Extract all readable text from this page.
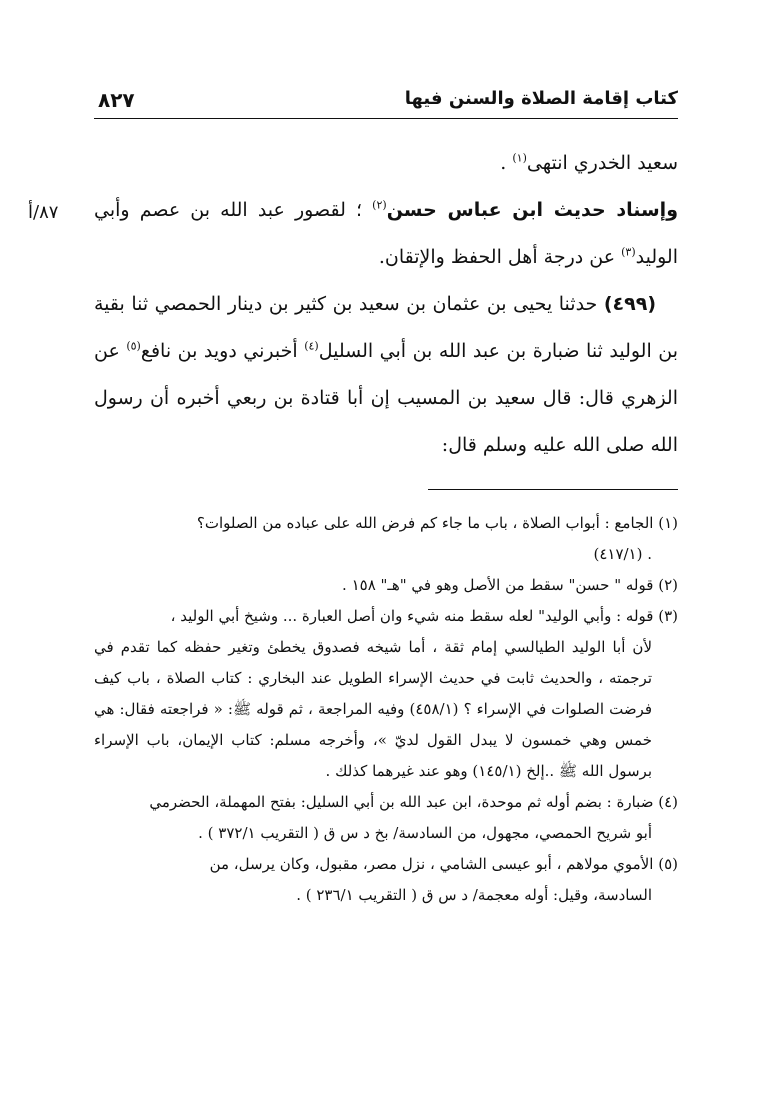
كتاب إقامة الصلاة والسنن فيها
٨٢٧
٨٧/أ

سعيد الخدري انتهى$^{(١)}$ .

وإسناد حديث ابن عباس حسن$^{(٢)}$ ؛ لقصور عبد الله بن عصم وأبي الوليد$^{(٣)}$ عن درجة أهل الحفظ والإتقان.

(٤٩٩) حدثنا يحيى بن عثمان بن سعيد بن كثير بن دينار الحمصي ثنا بقية بن الوليد ثنا ضبارة بن عبد الله بن أبي السليل$^{(٤)}$ أخبرني دويد بن نافع$^{(٥)}$ عن الزهري قال: قال سعيد بن المسيب إن أبا قتادة بن ربعي أخبره أن رسول الله صلى الله عليه وسلم قال:

(١) الجامع : أبواب الصلاة ، باب ما جاء كم فرض الله على عباده من الصلوات؟
. (٤١٧/١)

(٢) قوله " حسن" سقط من الأصل وهو في "هـ" ١٥٨ .

(٣) قوله : وأبي الوليد" لعله سقط منه شيء وان أصل العبارة ... وشيخ أبي الوليد ،
لأن أبا الوليد الطيالسي إمام ثقة ، أما شيخه فصدوق يخطئ وتغير حفظه كما تقدم في ترجمته ، والحديث ثابت في حديث الإسراء الطويل عند البخاري : كتاب الصلاة ، باب كيف فرضت الصلوات في الإسراء ؟ (٤٥٨/١) وفيه المراجعة ، ثم قوله ﷺ: « فراجعته فقال: هي خمس وهي خمسون لا يبدل القول لديّ »، وأخرجه مسلم: كتاب الإيمان، باب الإسراء برسول الله ﷺ ..إلخ (١٤٥/١) وهو عند غيرهما كذلك .

(٤) ضبارة : بضم أوله ثم موحدة، ابن عبد الله بن أبي السليل: بفتح المهملة، الحضرمي
أبو شريح الحمصي، مجهول، من السادسة/ بخ د س ق ( التقريب ٣٧٢/١ ) .

(٥) الأموي مولاهم ، أبو عيسى الشامي ، نزل مصر، مقبول، وكان يرسل، من
السادسة، وقيل: أوله معجمة/ د س ق ( التقريب ٢٣٦/١ ) .
